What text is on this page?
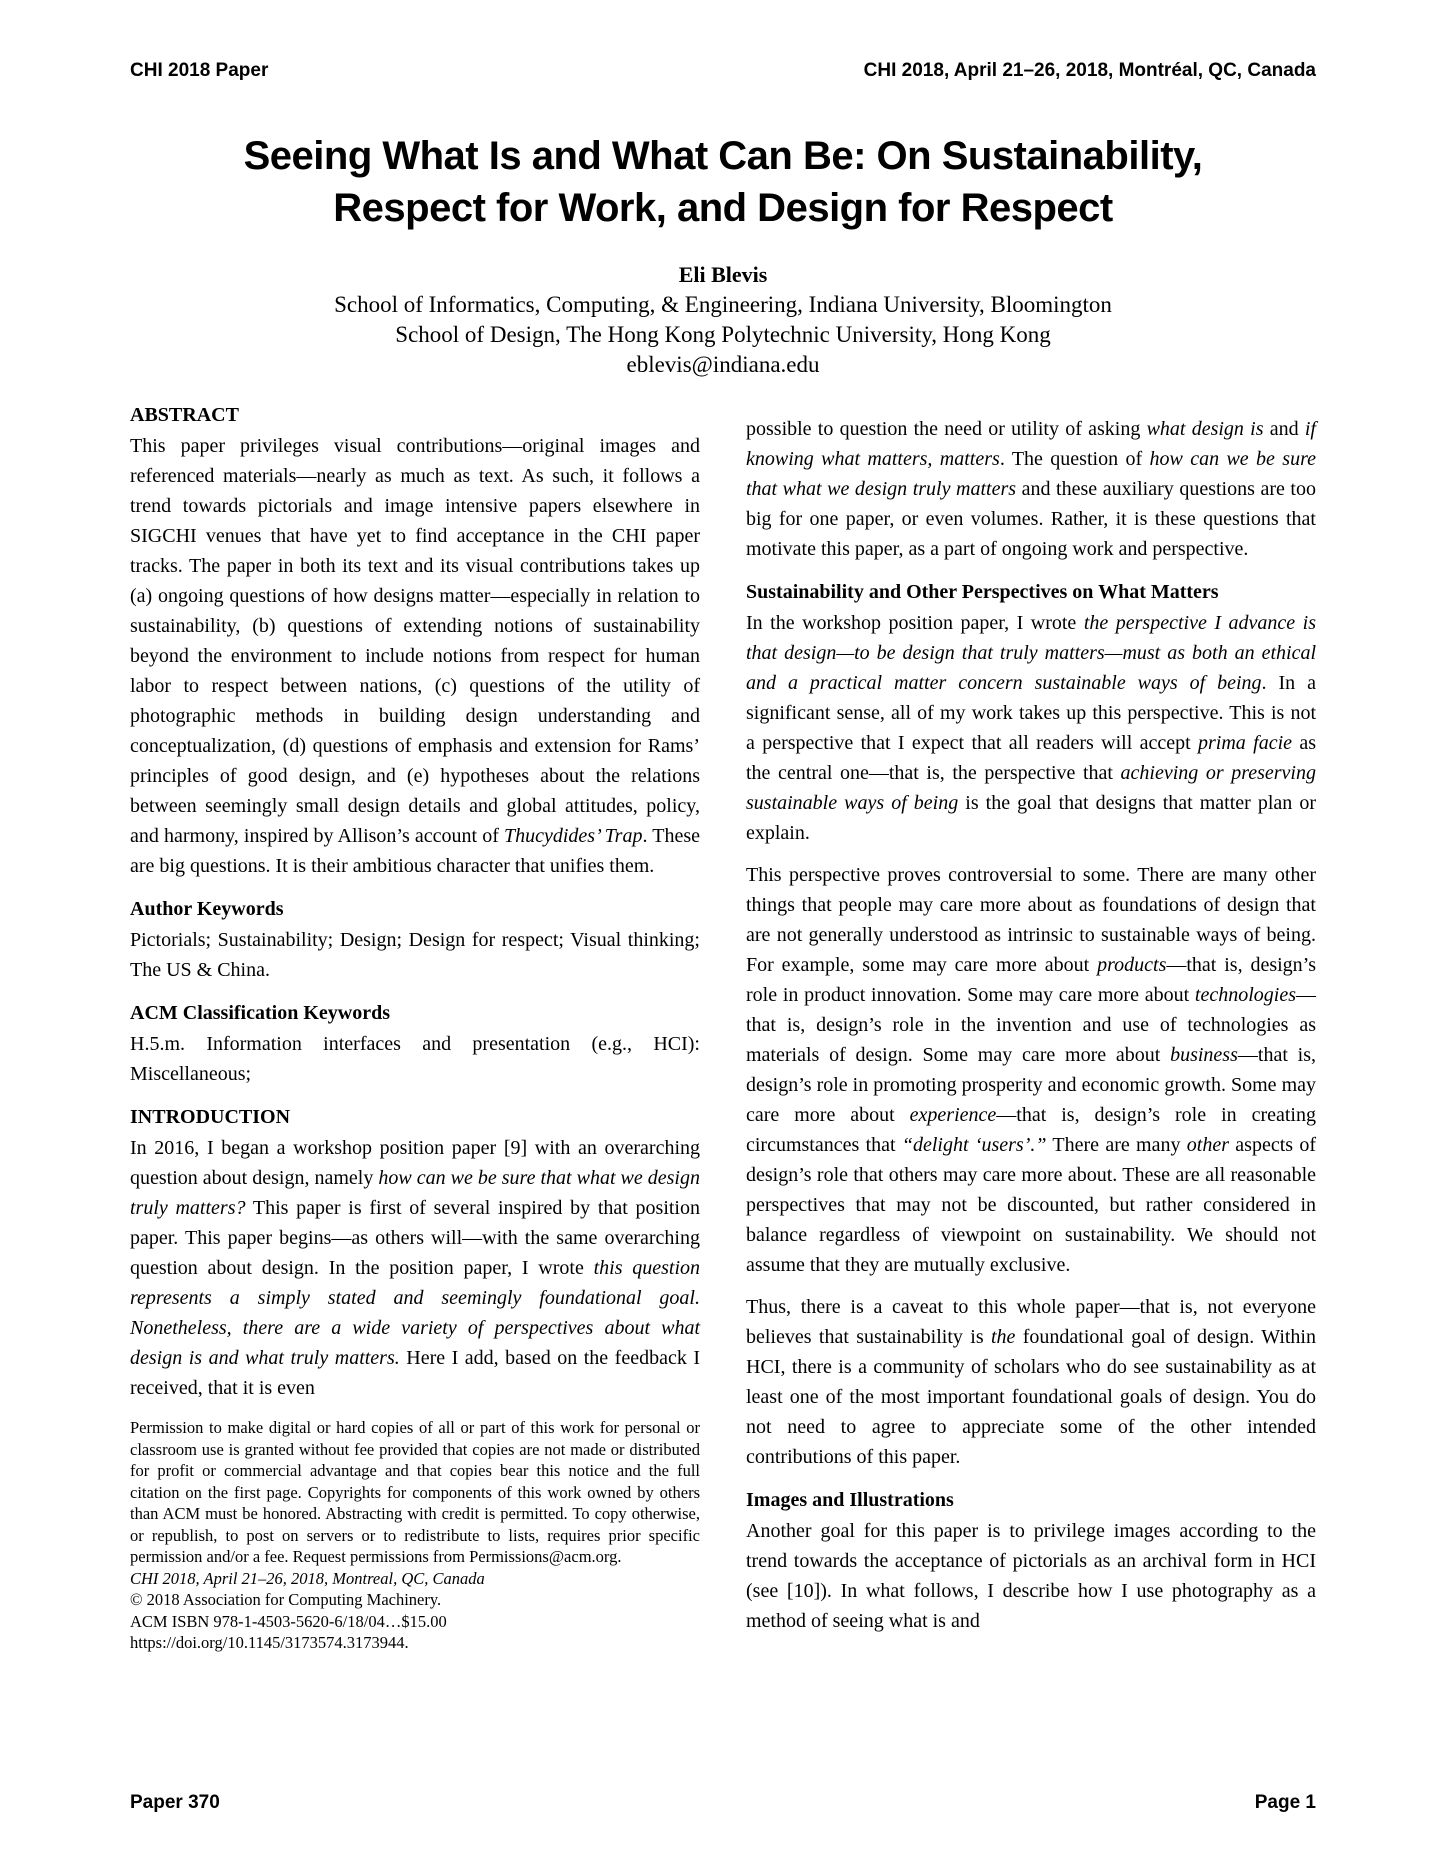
CHI 2018 Paper	CHI 2018, April 21–26, 2018, Montréal, QC, Canada
Seeing What Is and What Can Be: On Sustainability,
Respect for Work, and Design for Respect
Eli Blevis
School of Informatics, Computing, & Engineering, Indiana University, Bloomington
School of Design, The Hong Kong Polytechnic University, Hong Kong
eblevis@indiana.edu
ABSTRACT

This paper privileges visual contributions—original images and referenced materials—nearly as much as text. As such, it follows a trend towards pictorials and image intensive papers elsewhere in SIGCHI venues that have yet to find acceptance in the CHI paper tracks. The paper in both its text and its visual contributions takes up (a) ongoing questions of how designs matter—especially in relation to sustainability, (b) questions of extending notions of sustainability beyond the environment to include notions from respect for human labor to respect between nations, (c) questions of the utility of photographic methods in building design understanding and conceptualization, (d) questions of emphasis and extension for Rams’ principles of good design, and (e) hypotheses about the relations between seemingly small design details and global attitudes, policy, and harmony, inspired by Allison’s account of Thucydides’ Trap. These are big questions. It is their ambitious character that unifies them.

Author Keywords

Pictorials; Sustainability; Design; Design for respect; Visual thinking; The US & China.

ACM Classification Keywords

H.5.m. Information interfaces and presentation (e.g., HCI): Miscellaneous;

INTRODUCTION

In 2016, I began a workshop position paper [9] with an overarching question about design, namely how can we be sure that what we design truly matters? This paper is first of several inspired by that position paper. This paper begins—as others will—with the same overarching question about design. In the position paper, I wrote this question represents a simply stated and seemingly foundational goal. Nonetheless, there are a wide variety of perspectives about what design is and what truly matters. Here I add, based on the feedback I received, that it is even

Permission to make digital or hard copies of all or part of this work for personal or classroom use is granted without fee provided that copies are not made or distributed for profit or commercial advantage and that copies bear this notice and the full citation on the first page. Copyrights for components of this work owned by others than ACM must be honored. Abstracting with credit is permitted. To copy otherwise, or republish, to post on servers or to redistribute to lists, requires prior specific permission and/or a fee. Request permissions from Permissions@acm.org.

CHI 2018, April 21–26, 2018, Montreal, QC, Canada

© 2018 Association for Computing Machinery.

ACM ISBN 978-1-4503-5620-6/18/04…$15.00

https://doi.org/10.1145/3173574.3173944.

possible to question the need or utility of asking what design is and if knowing what matters, matters. The question of how can we be sure that what we design truly matters and these auxiliary questions are too big for one paper, or even volumes. Rather, it is these questions that motivate this paper, as a part of ongoing work and perspective.

Sustainability and Other Perspectives on What Matters

In the workshop position paper, I wrote the perspective I advance is that design—to be design that truly matters—must as both an ethical and a practical matter concern sustainable ways of being. In a significant sense, all of my work takes up this perspective. This is not a perspective that I expect that all readers will accept prima facie as the central one—that is, the perspective that achieving or preserving sustainable ways of being is the goal that designs that matter plan or explain.

This perspective proves controversial to some. There are many other things that people may care more about as foundations of design that are not generally understood as intrinsic to sustainable ways of being. For example, some may care more about products—that is, design’s role in product innovation. Some may care more about technologies—that is, design’s role in the invention and use of technologies as materials of design. Some may care more about business—that is, design’s role in promoting prosperity and economic growth. Some may care more about experience—that is, design’s role in creating circumstances that “delight ‘users’.” There are many other aspects of design’s role that others may care more about. These are all reasonable perspectives that may not be discounted, but rather considered in balance regardless of viewpoint on sustainability. We should not assume that they are mutually exclusive.

Thus, there is a caveat to this whole paper—that is, not everyone believes that sustainability is the foundational goal of design. Within HCI, there is a community of scholars who do see sustainability as at least one of the most important foundational goals of design. You do not need to agree to appreciate some of the other intended contributions of this paper.

Images and Illustrations

Another goal for this paper is to privilege images according to the trend towards the acceptance of pictorials as an archival form in HCI (see [10]). In what follows, I describe how I use photography as a method of seeing what is and

Paper 370	Page 1
